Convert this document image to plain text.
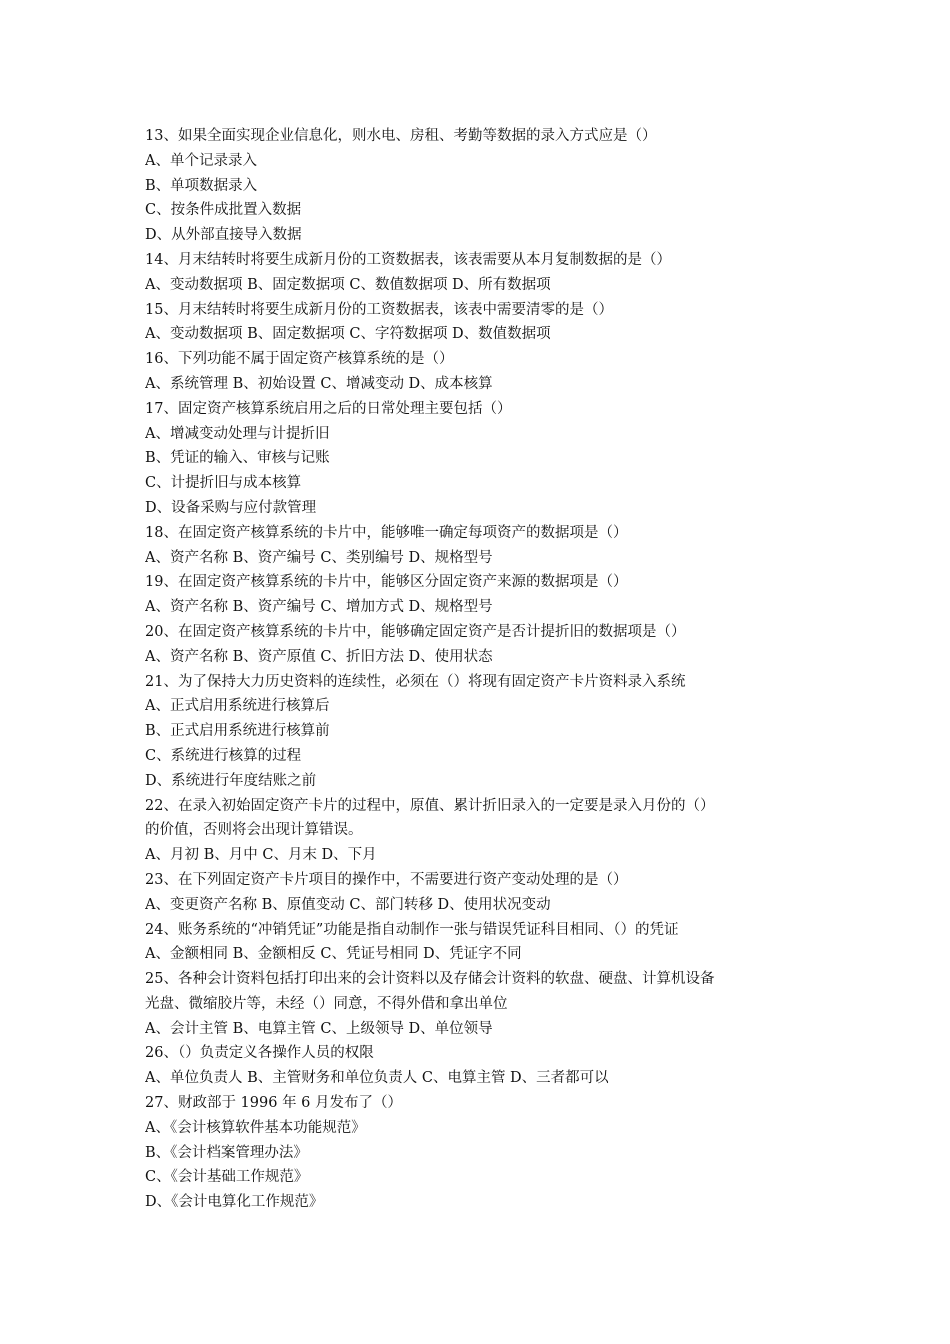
13、如果全面实现企业信息化，则水电、房租、考勤等数据的录入方式应是（）
A、单个记录录入
B、单项数据录入
C、按条件成批置入数据
D、从外部直接导入数据
14、月末结转时将要生成新月份的工资数据表，该表需要从本月复制数据的是（）
A、变动数据项 B、固定数据项 C、数值数据项 D、所有数据项
15、月末结转时将要生成新月份的工资数据表，该表中需要清零的是（）
A、变动数据项 B、固定数据项 C、字符数据项 D、数值数据项
16、下列功能不属于固定资产核算系统的是（）
A、系统管理 B、初始设置 C、增减变动 D、成本核算
17、固定资产核算系统启用之后的日常处理主要包括（）
A、增减变动处理与计提折旧
B、凭证的输入、审核与记账
C、计提折旧与成本核算
D、设备采购与应付款管理
18、在固定资产核算系统的卡片中，能够唯一确定每项资产的数据项是（）
A、资产名称 B、资产编号 C、类别编号 D、规格型号
19、在固定资产核算系统的卡片中，能够区分固定资产来源的数据项是（）
A、资产名称 B、资产编号 C、增加方式 D、规格型号
20、在固定资产核算系统的卡片中，能够确定固定资产是否计提折旧的数据项是（）
A、资产名称 B、资产原值 C、折旧方法 D、使用状态
21、为了保持大力历史资料的连续性，必须在（）将现有固定资产卡片资料录入系统
A、正式启用系统进行核算后
B、正式启用系统进行核算前
C、系统进行核算的过程
D、系统进行年度结账之前
22、在录入初始固定资产卡片的过程中，原值、累计折旧录入的一定要是录入月份的（）
的价值，否则将会出现计算错误。
A、月初 B、月中 C、月末 D、下月
23、在下列固定资产卡片项目的操作中，不需要进行资产变动处理的是（）
A、变更资产名称 B、原值变动 C、部门转移 D、使用状况变动
24、账务系统的“冲销凭证”功能是指自动制作一张与错误凭证科目相同、（）的凭证
A、金额相同 B、金额相反 C、凭证号相同 D、凭证字不同
25、各种会计资料包括打印出来的会计资料以及存储会计资料的软盘、硬盘、计算机设备
光盘、微缩胶片等，未经（）同意，不得外借和拿出单位
A、会计主管 B、电算主管 C、上级领导 D、单位领导
26、（）负责定义各操作人员的权限
A、单位负责人 B、主管财务和单位负责人 C、电算主管 D、三者都可以
27、财政部于 1996 年 6 月发布了（）
A、《会计核算软件基本功能规范》
B、《会计档案管理办法》
C、《会计基础工作规范》
D、《会计电算化工作规范》
